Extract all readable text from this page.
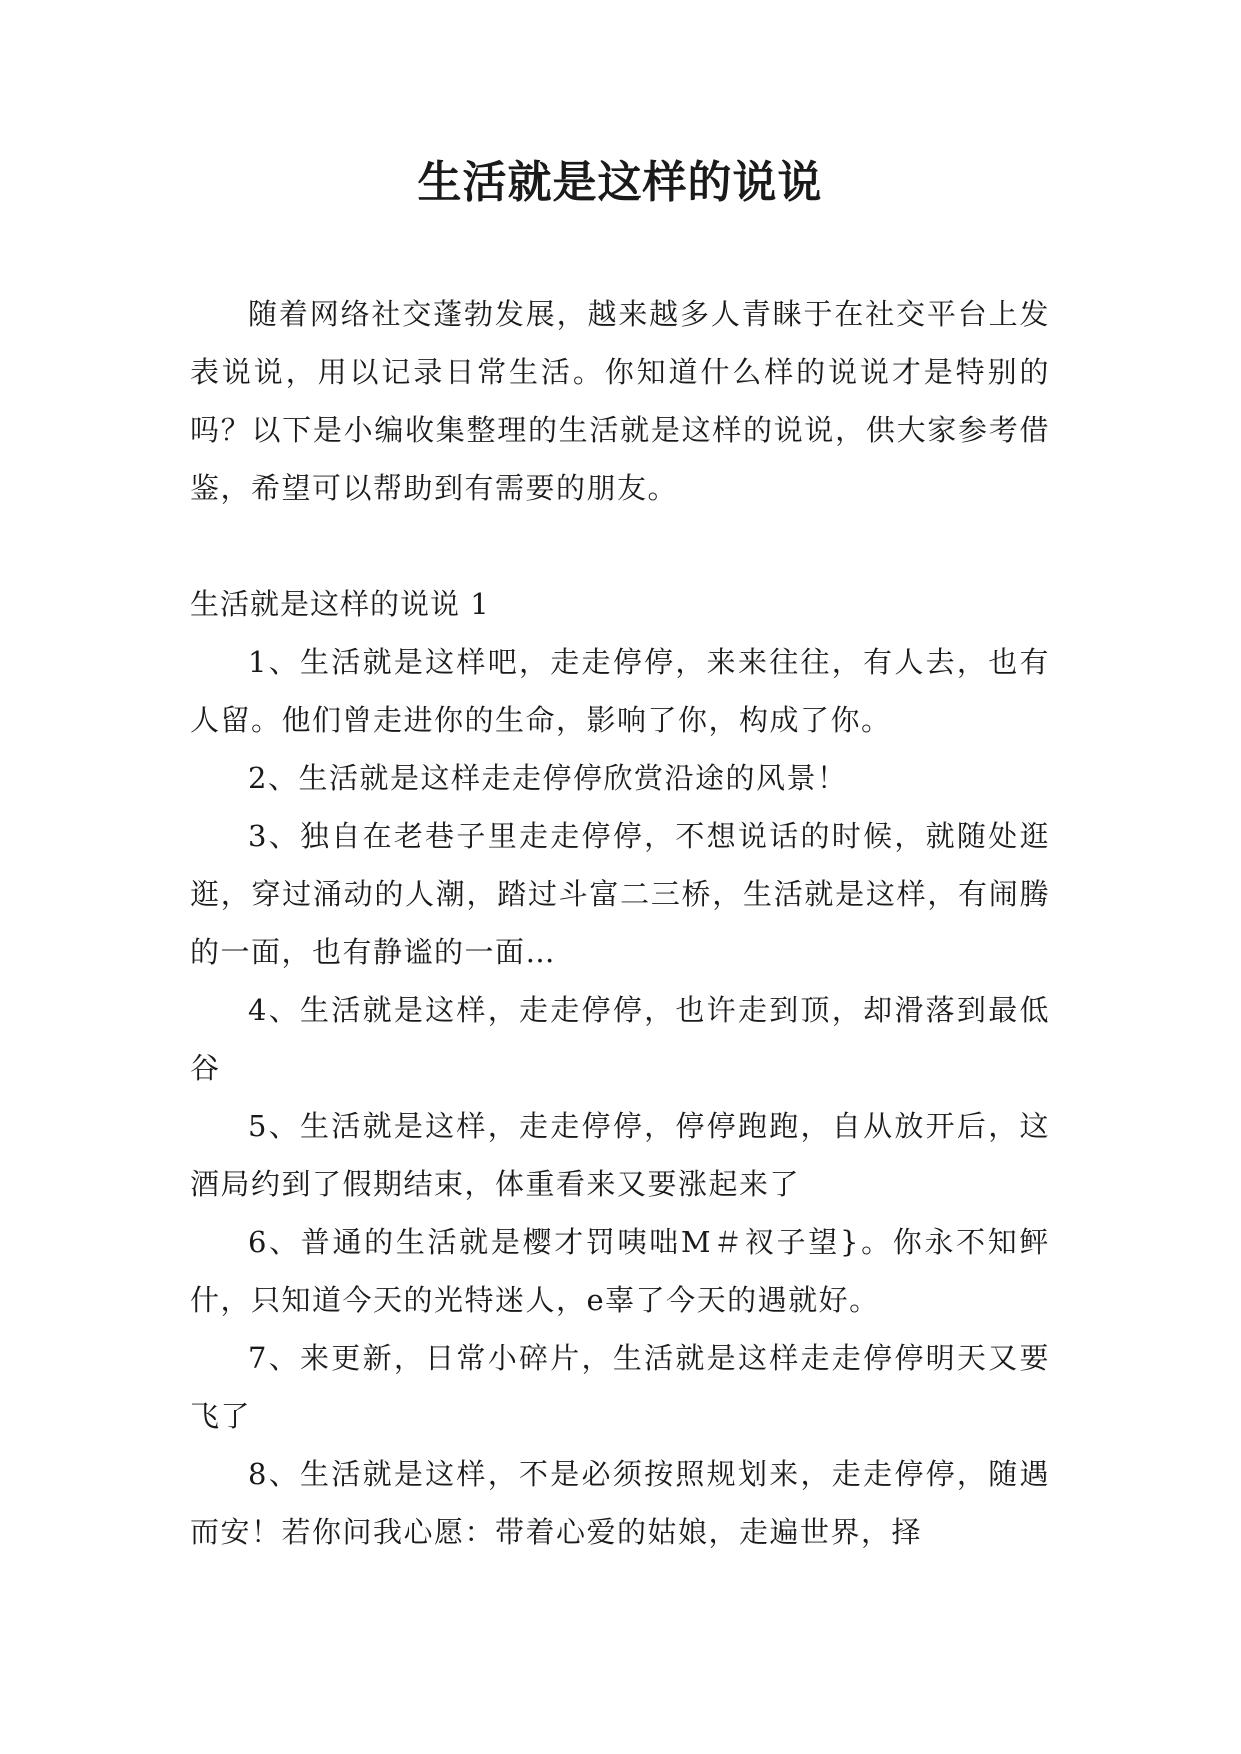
生活就是这样的说说

随着网络社交蓬勃发展，越来越多人青睐于在社交平台上发表说说，用以记录日常生活。你知道什么样的说说才是特别的吗？以下是小编收集整理的生活就是这样的说说，供大家参考借鉴，希望可以帮助到有需要的朋友。

生活就是这样的说说 1

1、生活就是这样吧，走走停停，来来往往，有人去，也有人留。他们曾走进你的生命，影响了你，构成了你。
2、生活就是这样走走停停欣赏沿途的风景！
3、独自在老巷子里走走停停，不想说话的时候，就随处逛逛，穿过涌动的人潮，踏过斗富二三桥，生活就是这样，有闹腾的一面，也有静谧的一面…
4、生活就是这样，走走停停，也许走到顶，却滑落到最低谷
5、生活就是这样，走走停停，停停跑跑，自从放开后，这酒局约到了假期结束，体重看来又要涨起来了
6、普通的生活就是樱才罚咦咄M＃衩子望}。你永不知鲆什，只知道今天的光特迷人，e辜了今天的遇就好。
7、来更新，日常小碎片，生活就是这样走走停停明天又要飞了
8、生活就是这样，不是必须按照规划来，走走停停，随遇而安！若你问我心愿：带着心爱的姑娘，走遍世界，择
